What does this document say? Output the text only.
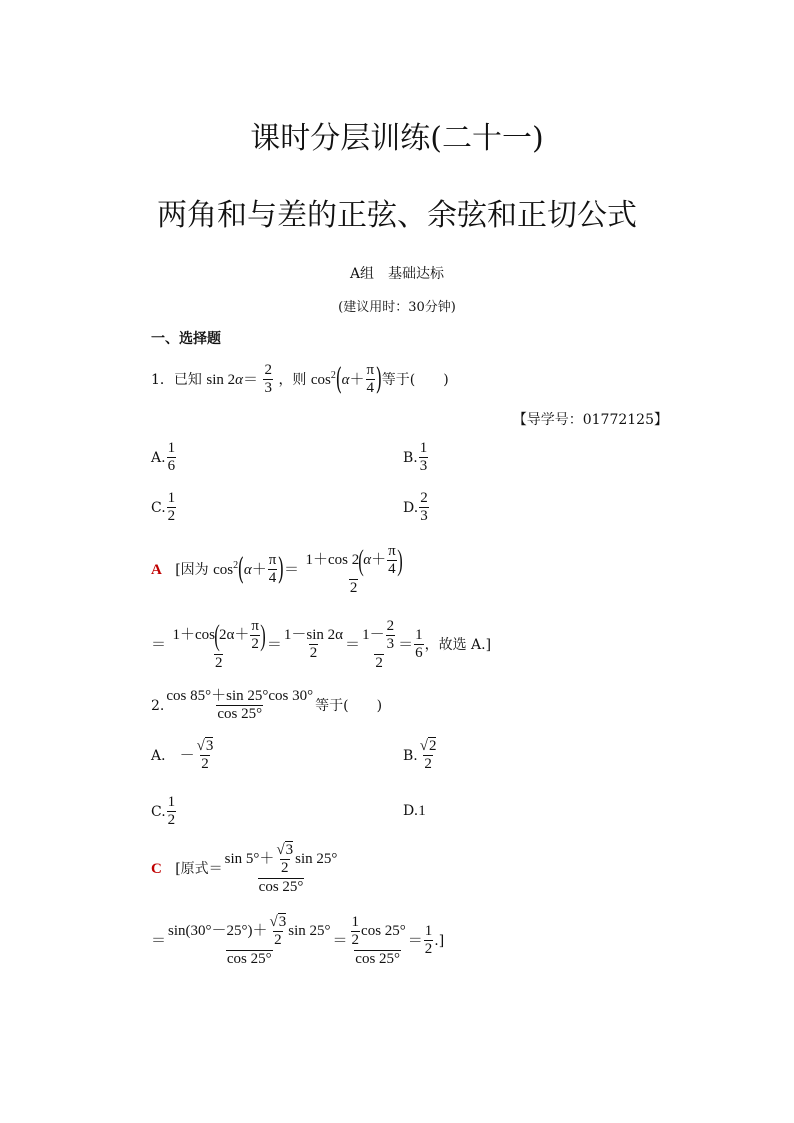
课时分层训练(二十一)
两角和与差的正弦、余弦和正切公式
A组　基础达标
(建议用时：30分钟)
一、选择题
1．已知 $\sin 2\alpha= \frac{2}{3}$ ，则 $\cos^2(\alpha+ \frac{\pi}{4}$ )等于(　　)
【导学号：01772125】
A. $\frac{1}{6}$	B. $\frac{1}{3}$
C. $\frac{1}{2}$	D. $\frac{2}{3}$
A [因为 $\cos^2(\alpha+ \frac{\pi}{4}$ )＝ $\frac{1+\cos 2(\alpha+ \frac{\pi}{4} )}{2}$
＝ $\frac{1+\cos(2\alpha+ \frac{\pi}{2} )}{2} = \frac{1-\sin 2\alpha}{2} = \frac{1- \frac{2}{3}}{2} = \frac{1}{6}$ ，故选 A.]
2. $\frac{\cos 85^\circ+\sin 25^\circ\cos 30^\circ}{\cos 25^\circ}$ 等于(　　)
A． － $\frac{√3}{2}$	B. $\frac{√2}{2}$
C. $\frac{1}{2}$	D.1
C [原式＝ $\frac{\sin 5^\circ+ \frac{√3}{2} \sin 25^\circ}{\cos 25^\circ}$
＝ $\frac{\sin(30^\circ-25^\circ)+ \frac{√3}{2} \sin 25^\circ}{\cos 25^\circ} = \frac{\frac{1}{2} \cos 25^\circ}{\cos 25^\circ} = \frac{1}{2}$ .]
